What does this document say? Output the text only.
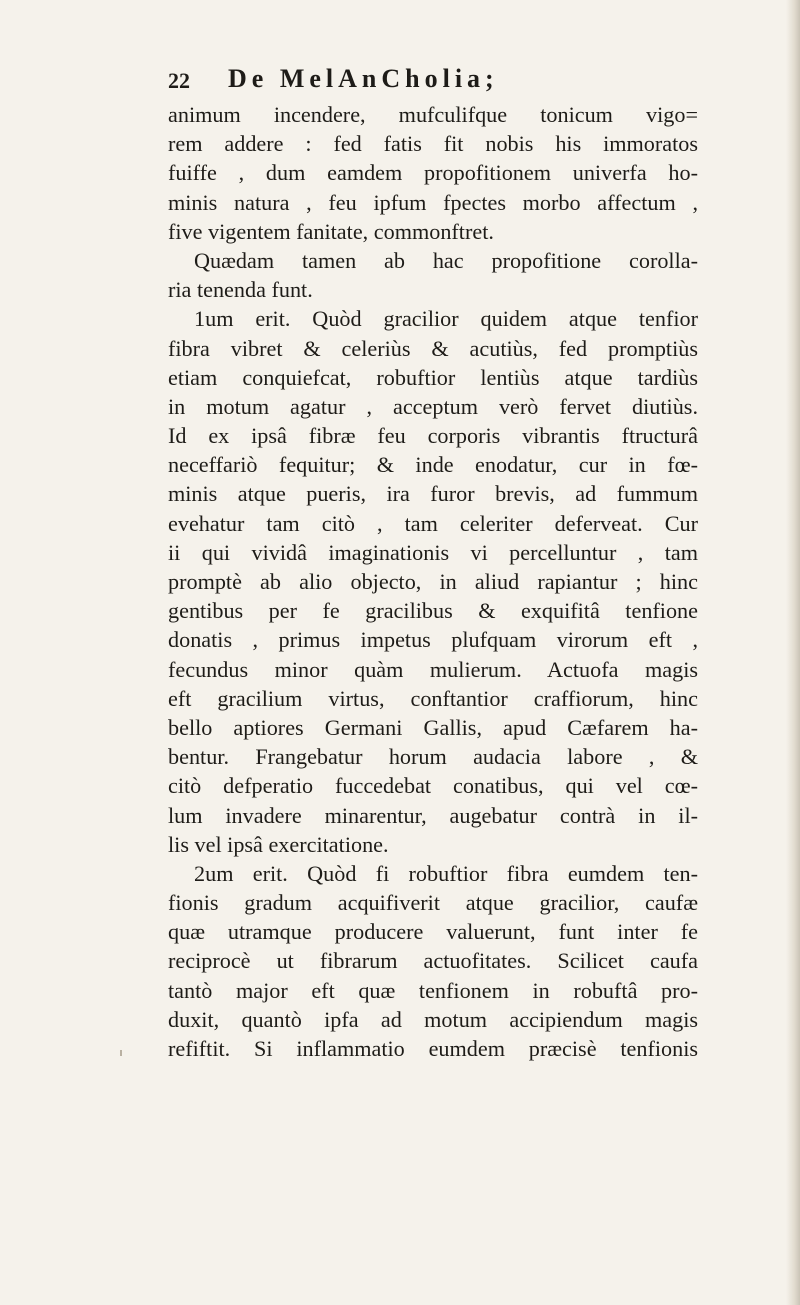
22 De MelAnCholia;
animum incendere, mufculifque tonicum vigo=
rem addere : fed fatis fit nobis his immoratos
fuiffe , dum eamdem propofitionem univerfa ho-
minis natura , feu ipfum fpectes morbo affectum ,
five vigentem fanitate, commonftret.
Quædam tamen ab hac propofitione corolla-
ria tenenda funt.
1um erit. Quòd gracilior quidem atque tenfior
fibra vibret & celeriùs & acutiùs, fed promptiùs
etiam conquiefcat, robuftior lentiùs atque tardiùs
in motum agatur , acceptum verò fervet diutiùs.
Id ex ipsâ fibræ feu corporis vibrantis ftructurâ
neceffariò fequitur; & inde enodatur, cur in fœ-
minis atque pueris, ira furor brevis, ad fummum
evehatur tam citò , tam celeriter deferveat. Cur
ii qui vividâ imaginationis vi percelluntur , tam
promptè ab alio objecto, in aliud rapiantur ; hinc
gentibus per fe gracilibus & exquifitâ tenfione
donatis , primus impetus plufquam virorum eft ,
fecundus minor quàm mulierum. Actuofa magis
eft gracilium virtus, conftantior craffiorum, hinc
bello aptiores Germani Gallis, apud Cæfarem ha-
bentur. Frangebatur horum audacia labore , &
citò defperatio fuccedebat conatibus, qui vel cœ-
lum invadere minarentur, augebatur contrà in il-
lis vel ipsâ exercitatione.
2um erit. Quòd fi robuftior fibra eumdem ten-
fionis gradum acquifiverit atque gracilior, caufæ
quæ utramque producere valuerunt, funt inter fe
reciprocè ut fibrarum actuofitates. Scilicet caufa
tantò major eft quæ tenfionem in robuftâ pro-
duxit, quantò ipfa ad motum accipiendum magis
refiftit. Si inflammatio eumdem præcisè tenfionis
